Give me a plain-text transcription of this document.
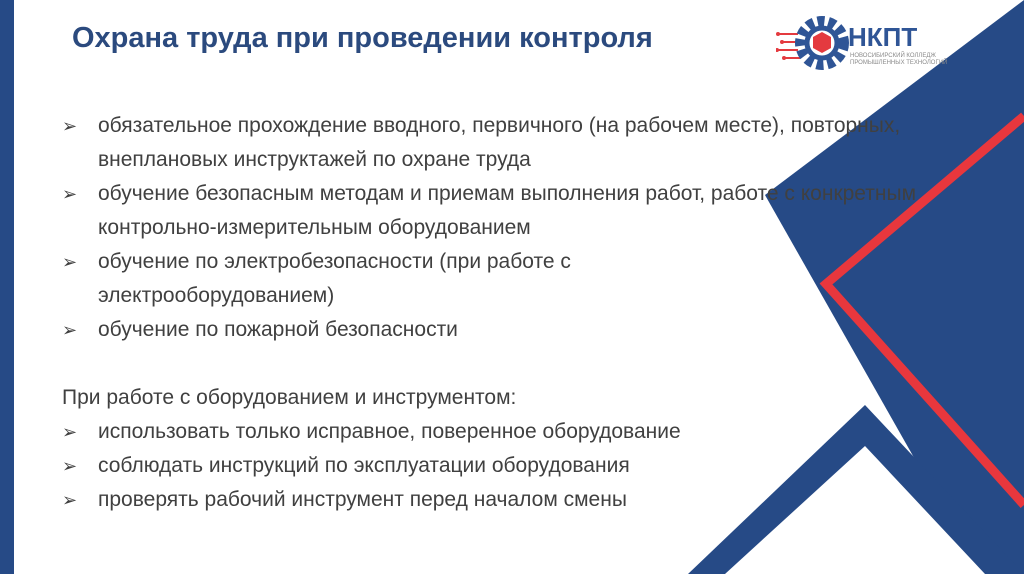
Охрана труда при проведении контроля	НКПТ
НОВОСИБИРСКИЙ КОЛЛЕДЖ ПРОМЫШЛЕННЫХ ТЕХНОЛОГИЙ
➢ обязательное прохождение вводного, первичного (на рабочем месте), повторных, внеплановых инструктажей по охране труда
➢ обучение безопасным методам и приемам выполнения работ, работе с конкретным контрольно-измерительным оборудованием
➢ обучение по электробезопасности (при работе с электрооборудованием)
➢ обучение по пожарной безопасности
При работе с оборудованием и инструментом:
➢ использовать только исправное, поверенное оборудование
➢ соблюдать инструкций по эксплуатации оборудования
➢ проверять рабочий инструмент перед началом смены
